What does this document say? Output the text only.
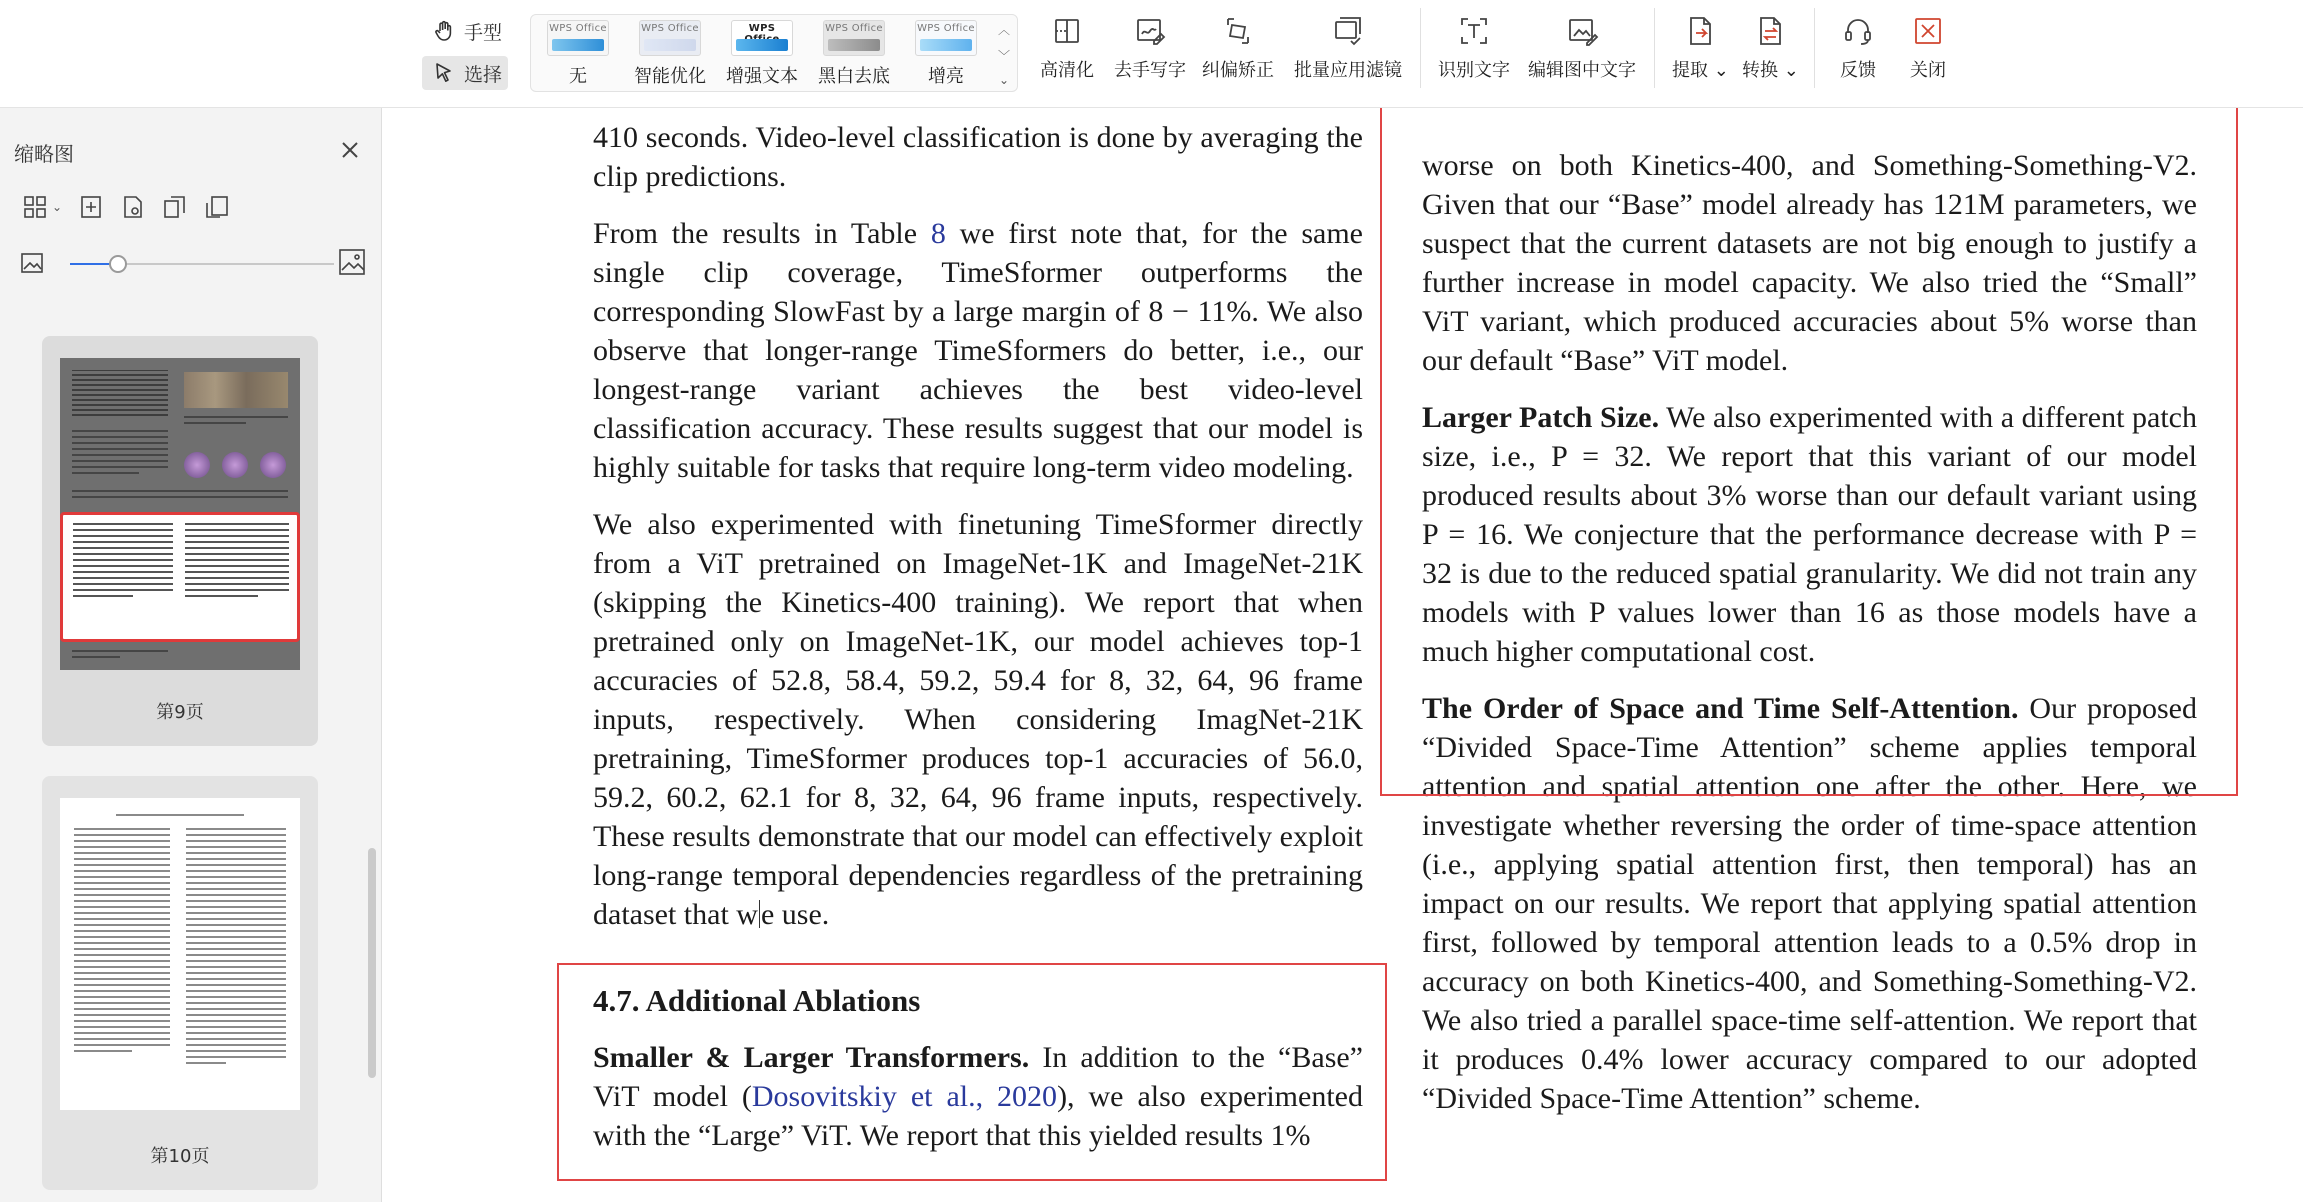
手型
选择
WPS Office
无
WPS Office
智能优化
WPS
增强文本
WPS Office
黑白去底
WPS Office
增亮
︿
﹀
⌄ 高清化 去手写字 纠偏矫正 批量应用滤镜 识别文字 编辑图中文字 提取 ⌄ 转换 ⌄ 反馈 关闭
缩略图
⌄
第9页
第10页

410 seconds. Video-level classification is done by averaging the clip predictions.

From the results in Table 8 we first note that, for the same single clip coverage, TimeSformer outperforms the corresponding SlowFast by a large margin of 8 − 11%. We also observe that longer-range TimeSformers do better, i.e., our longest-range variant achieves the best video-level classification accuracy. These results suggest that our model is highly suitable for tasks that require long-term video modeling.

We also experimented with finetuning TimeSformer directly from a ViT pretrained on ImageNet-1K and ImageNet-21K (skipping the Kinetics-400 training). We report that when pretrained only on ImageNet-1K, our model achieves top-1 accuracies of 52.8, 58.4, 59.2, 59.4 for 8, 32, 64, 96 frame inputs, respectively. When considering ImagNet-21K pretraining, TimeSformer produces top-1 accuracies of 56.0, 59.2, 60.2, 62.1 for 8, 32, 64, 96 frame inputs, respectively. These results demonstrate that our model can effectively exploit long-range temporal dependencies regardless of the pretraining dataset that w e use.

4.7. Additional Ablations

Smaller & Larger Transformers. In addition to the “Base” ViT model (Dosovitskiy et al., 2020), we also experimented with the “Large” ViT. We report that this yielded results 1%

worse on both Kinetics-400, and Something-Something-V2. Given that our “Base” model already has 121M parameters, we suspect that the current datasets are not big enough to justify a further increase in model capacity. We also tried the “Small” ViT variant, which produced accuracies about 5% worse than our default “Base” ViT model.

Larger Patch Size. We also experimented with a different patch size, i.e., P = 32. We report that this variant of our model produced results about 3% worse than our default variant using P = 16. We conjecture that the performance decrease with P = 32 is due to the reduced spatial granularity. We did not train any models with P values lower than 16 as those models have a much higher computational cost.

The Order of Space and Time Self-Attention. Our proposed “Divided Space-Time Attention” scheme applies temporal attention and spatial attention one after the other. Here, we investigate whether reversing the order of time-space attention (i.e., applying spatial attention first, then temporal) has an impact on our results. We report that applying spatial attention first, followed by temporal attention leads to a 0.5% drop in accuracy on both Kinetics-400, and Something-Something-V2. We also tried a parallel space-time self-attention. We report that it produces 0.4% lower accuracy compared to our adopted “Divided Space-Time Attention” scheme.
